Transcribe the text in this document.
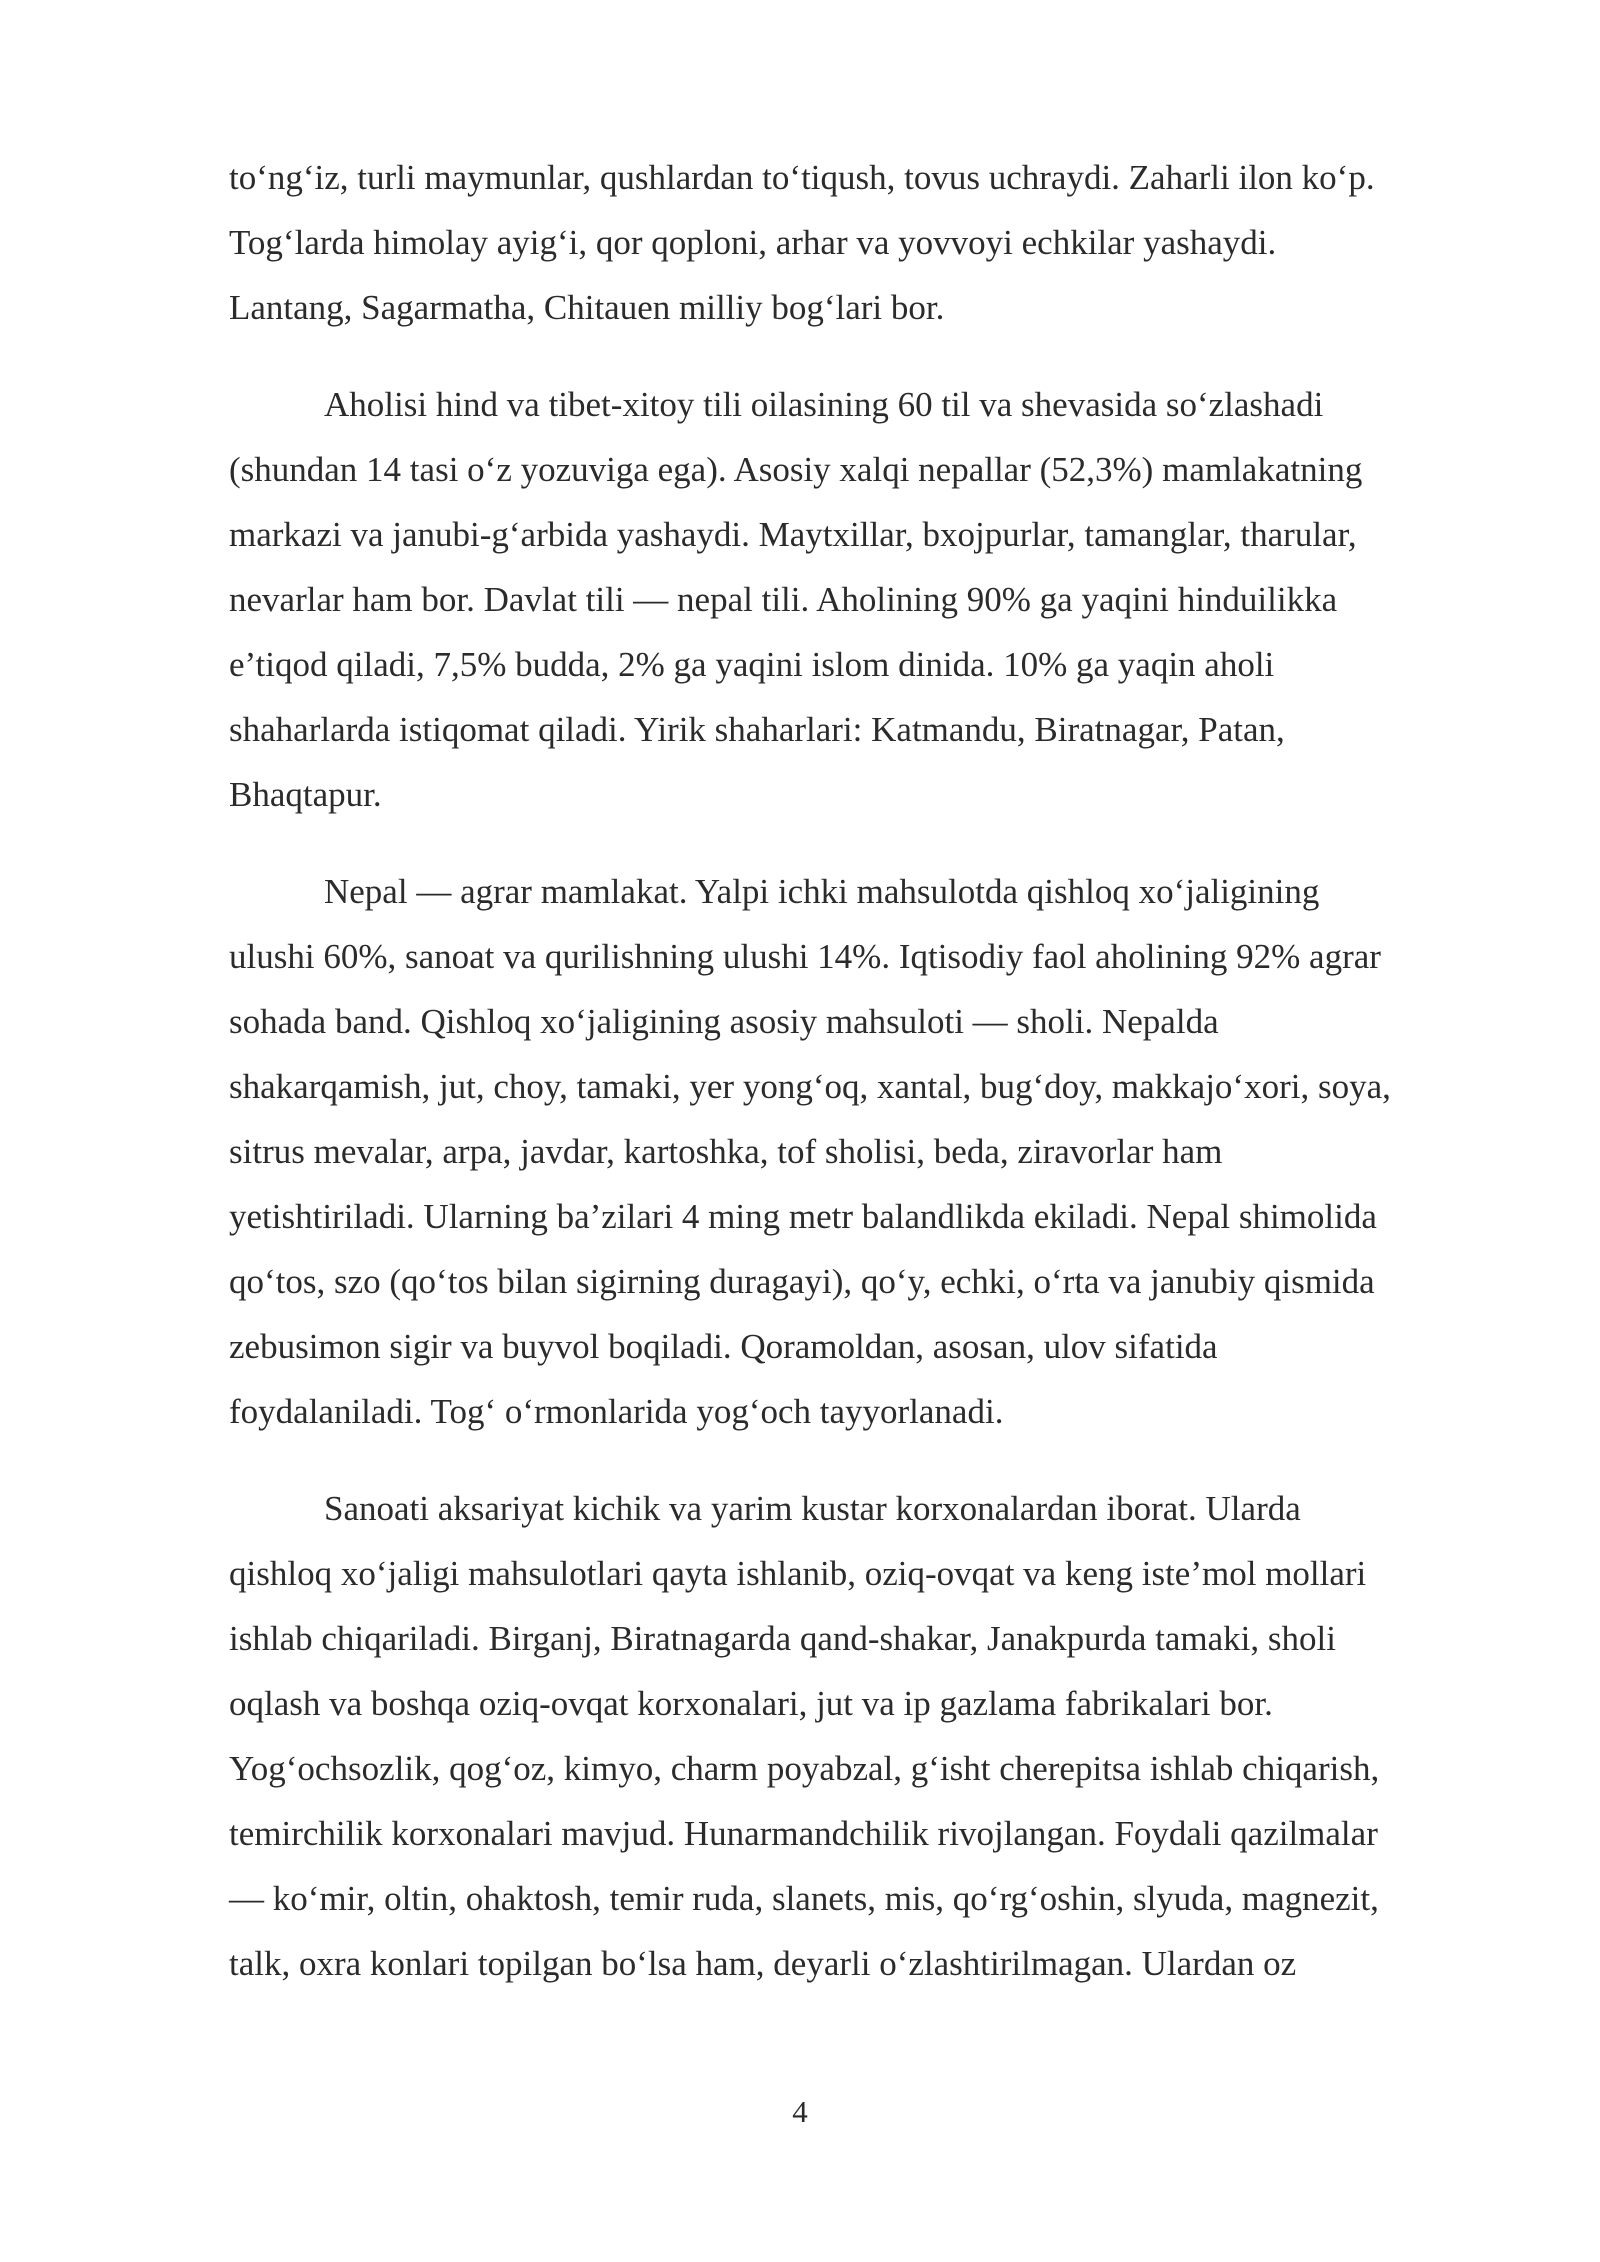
to‘ng‘iz, turli maymunlar, qushlardan to‘tiqush, tovus uchraydi. Zaharli ilon ko‘p.
Tog‘larda himolay ayig‘i, qor qoploni, arhar va yovvoyi echkilar yashaydi.
Lantang, Sagarmatha, Chitauen milliy bog‘lari bor.
Aholisi hind va tibet-xitoy tili oilasining 60 til va shevasida so‘zlashadi
(shundan 14 tasi o‘z yozuviga ega). Asosiy xalqi nepallar (52,3%) mamlakatning
markazi va janubi-g‘arbida yashaydi. Maytxillar, bxojpurlar, tamanglar, tharular,
nevarlar ham bor. Davlat tili — nepal tili. Aholining 90% ga yaqini hinduilikka
e’tiqod qiladi, 7,5% budda, 2% ga yaqini islom dinida. 10% ga yaqin aholi
shaharlarda istiqomat qiladi. Yirik shaharlari: Katmandu, Biratnagar, Patan,
Bhaqtapur.
Nepal — agrar mamlakat. Yalpi ichki mahsulotda qishloq xo‘jaligining
ulushi 60%, sanoat va qurilishning ulushi 14%. Iqtisodiy faol aholining 92% agrar
sohada band. Qishloq xo‘jaligining asosiy mahsuloti — sholi. Nepalda
shakarqamish, jut, choy, tamaki, yer yong‘oq, xantal, bug‘doy, makkajo‘xori, soya,
sitrus mevalar, arpa, javdar, kartoshka, tof sholisi, beda, ziravorlar ham
yetishtiriladi. Ularning ba’zilari 4 ming metr balandlikda ekiladi. Nepal shimolida
qo‘tos, szo (qo‘tos bilan sigirning duragayi), qo‘y, echki, o‘rta va janubiy qismida
zebusimon sigir va buyvol boqiladi. Qoramoldan, asosan, ulov sifatida
foydalaniladi. Tog‘ o‘rmonlarida yog‘och tayyorlanadi.
Sanoati aksariyat kichik va yarim kustar korxonalardan iborat. Ularda
qishloq xo‘jaligi mahsulotlari qayta ishlanib, oziq-ovqat va keng iste’mol mollari
ishlab chiqariladi. Birganj, Biratnagarda qand-shakar, Janakpurda tamaki, sholi
oqlash va boshqa oziq-ovqat korxonalari, jut va ip gazlama fabrikalari bor.
Yog‘ochsozlik, qog‘oz, kimyo, charm poyabzal, g‘isht cherepitsa ishlab chiqarish,
temirchilik korxonalari mavjud. Hunarmandchilik rivojlangan. Foydali qazilmalar
— ko‘mir, oltin, ohaktosh, temir ruda, slanets, mis, qo‘rg‘oshin, slyuda, magnezit,
talk, oxra konlari topilgan bo‘lsa ham, deyarli o‘zlashtirilmagan. Ulardan oz
4
